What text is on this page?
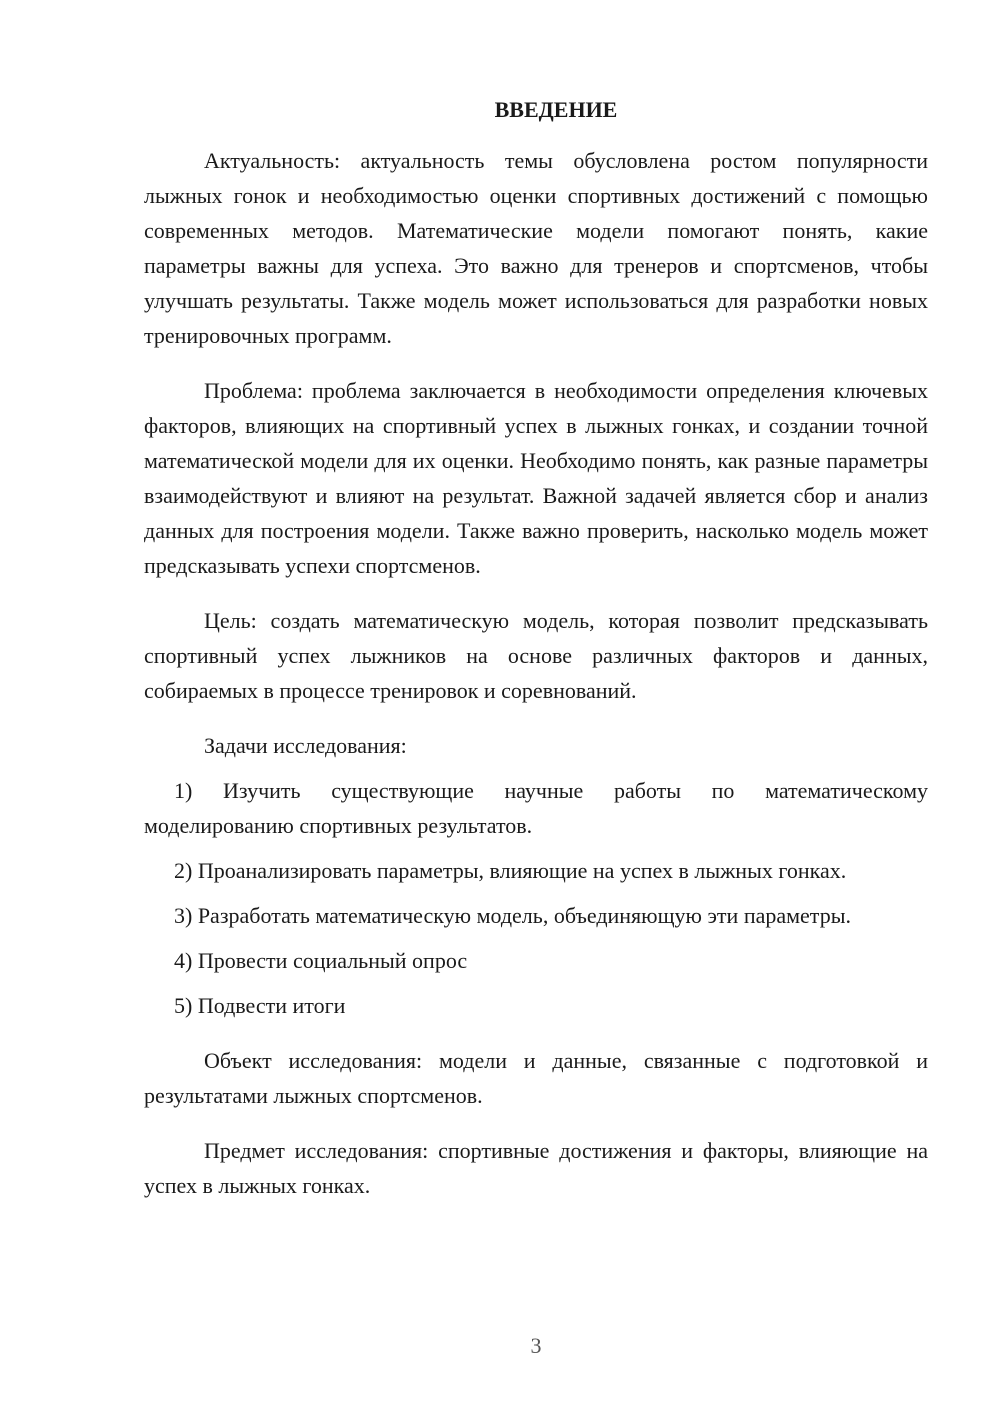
ВВЕДЕНИЕ

Актуальность: актуальность темы обусловлена ростом популярности лыжных гонок и необходимостью оценки спортивных достижений с помощью современных методов. Математические модели помогают понять, какие параметры важны для успеха. Это важно для тренеров и спортсменов, чтобы улучшать результаты. Также модель может использоваться для разработки новых тренировочных программ.

Проблема: проблема заключается в необходимости определения ключевых факторов, влияющих на спортивный успех в лыжных гонках, и создании точной математической модели для их оценки. Необходимо понять, как разные параметры взаимодействуют и влияют на результат. Важной задачей является сбор и анализ данных для построения модели. Также важно проверить, насколько модель может предсказывать успехи спортсменов.

Цель: создать математическую модель, которая позволит предсказывать спортивный успех лыжников на основе различных факторов и данных, собираемых в процессе тренировок и соревнований.

Задачи исследования:

1) Изучить существующие научные работы по математическому моделированию спортивных результатов.

2) Проанализировать параметры, влияющие на успех в лыжных гонках.

3) Разработать математическую модель, объединяющую эти параметры.

4) Провести социальный опрос

5) Подвести итоги

Объект исследования: модели и данные, связанные с подготовкой и результатами лыжных спортсменов.

Предмет исследования: спортивные достижения и факторы, влияющие на успех в лыжных гонках.

3
